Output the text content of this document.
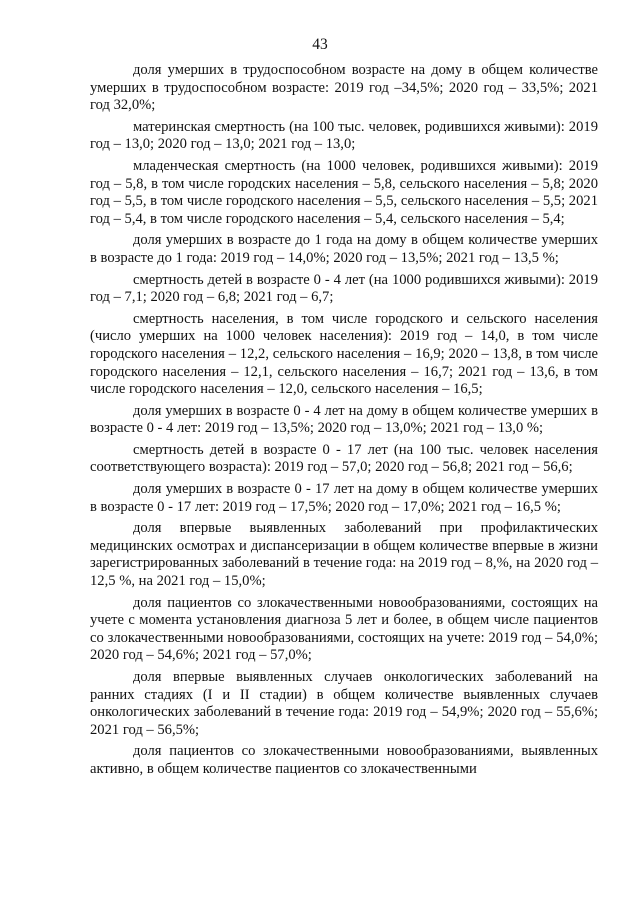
43

доля умерших в трудоспособном возрасте на дому в общем количестве умерших в трудоспособном возрасте: 2019 год –34,5%; 2020 год – 33,5%; 2021 год 32,0%;

материнская смертность (на 100 тыс. человек, родившихся живыми): 2019 год – 13,0; 2020 год – 13,0; 2021 год – 13,0;

младенческая смертность (на 1000 человек, родившихся живыми): 2019 год – 5,8, в том числе городских населения – 5,8, сельского населения – 5,8; 2020 год – 5,5, в том числе городского населения – 5,5, сельского населения – 5,5; 2021 год – 5,4, в том числе городского населения – 5,4, сельского населения – 5,4;

доля умерших в возрасте до 1 года на дому в общем количестве умерших в возрасте до 1 года: 2019 год – 14,0%; 2020 год – 13,5%; 2021 год – 13,5 %;

смертность детей в возрасте 0 - 4 лет (на 1000 родившихся живыми): 2019 год – 7,1; 2020 год – 6,8; 2021 год – 6,7;

смертность населения, в том числе городского и сельского населения (число умерших на 1000 человек населения): 2019 год – 14,0, в том числе городского населения – 12,2, сельского населения – 16,9; 2020 – 13,8, в том числе городского населения – 12,1, сельского населения – 16,7; 2021 год – 13,6, в том числе городского населения – 12,0, сельского населения – 16,5;

доля умерших в возрасте 0 - 4 лет на дому в общем количестве умерших в возрасте 0 - 4 лет: 2019 год – 13,5%; 2020 год – 13,0%; 2021 год – 13,0 %;

смертность детей в возрасте 0 - 17 лет (на 100 тыс. человек населения соответствующего возраста): 2019 год – 57,0; 2020 год – 56,8; 2021 год – 56,6;

доля умерших в возрасте 0 - 17 лет на дому в общем количестве умерших в возрасте 0 - 17 лет: 2019 год – 17,5%; 2020 год – 17,0%; 2021 год – 16,5 %;

доля впервые выявленных заболеваний при профилактических медицинских осмотрах и диспансеризации в общем количестве впервые в жизни зарегистрированных заболеваний в течение года: на 2019 год – 8,%, на 2020 год – 12,5 %, на 2021 год – 15,0%;

доля пациентов со злокачественными новообразованиями, состоящих на учете с момента установления диагноза 5 лет и более, в общем числе пациентов со злокачественными новообразованиями, состоящих на учете: 2019 год – 54,0%; 2020 год – 54,6%; 2021 год – 57,0%;

доля впервые выявленных случаев онкологических заболеваний на ранних стадиях (I и II стадии) в общем количестве выявленных случаев онкологических заболеваний в течение года: 2019 год – 54,9%; 2020 год – 55,6%; 2021 год – 56,5%;

доля пациентов со злокачественными новообразованиями, выявленных активно, в общем количестве пациентов со злокачественными
